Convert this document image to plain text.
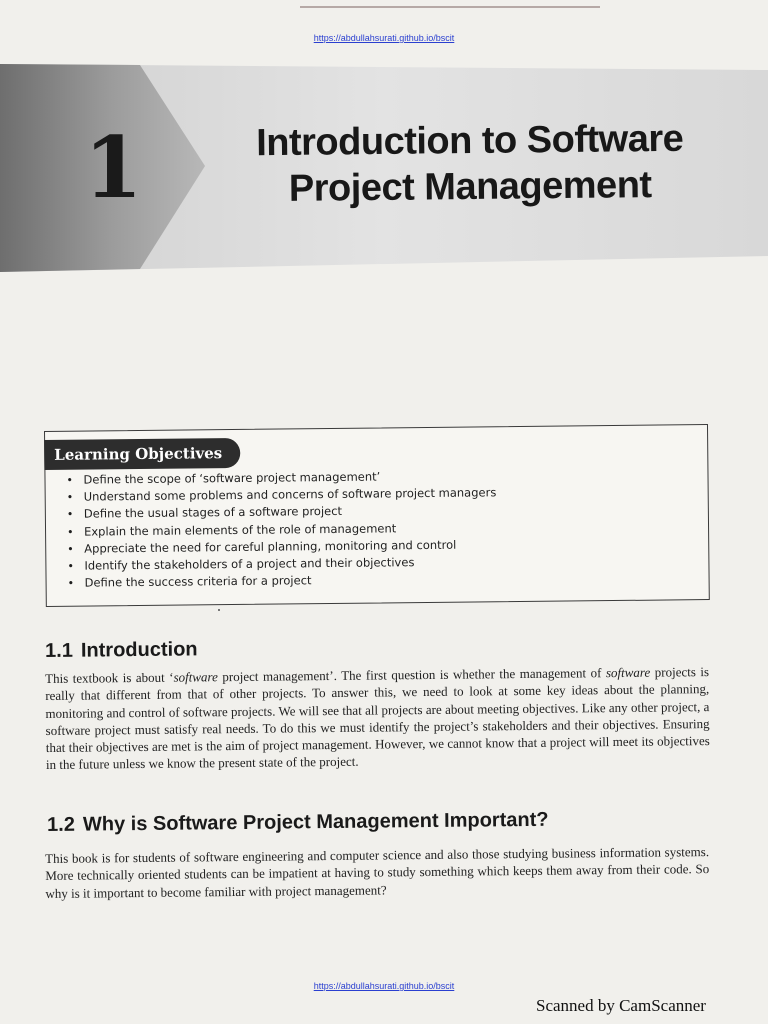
https://abdullahsurati.github.io/bscit
1	Introduction to Software
Project Management
Learning Objectives
• Define the scope of ‘software project management’
• Understand some problems and concerns of software project managers
• Define the usual stages of a software project
• Explain the main elements of the role of management
• Appreciate the need for careful planning, monitoring and control
• Identify the stakeholders of a project and their objectives
• Define the success criteria for a project
1.1 Introduction
This textbook is about ‘software project management’. The first question is whether the management of software projects is really that different from that of other projects. To answer this, we need to look at some key ideas about the planning, monitoring and control of software projects. We will see that all projects are about meeting objectives. Like any other project, a software project must satisfy real needs. To do this we must identify the project’s stakeholders and their objectives. Ensuring that their objectives are met is the aim of project management. However, we cannot know that a project will meet its objectives in the future unless we know the present state of the project.
1.2 Why is Software Project Management Important?
This book is for students of software engineering and computer science and also those studying business information systems. More technically oriented students can be impatient at having to study something which keeps them away from their code. So why is it important to become familiar with project management?
https://abdullahsurati.github.io/bscit
Scanned by CamScanner
